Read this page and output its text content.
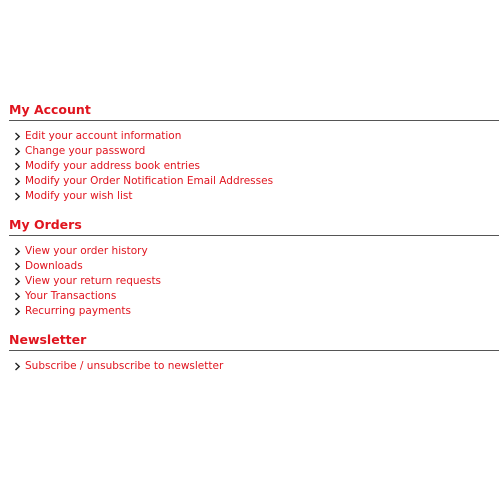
My Account
Edit your account information
Change your password
Modify your address book entries
Modify your Order Notification Email Addresses
Modify your wish list
My Orders
View your order history
Downloads
View your return requests
Your Transactions
Recurring payments
Newsletter
Subscribe / unsubscribe to newsletter
